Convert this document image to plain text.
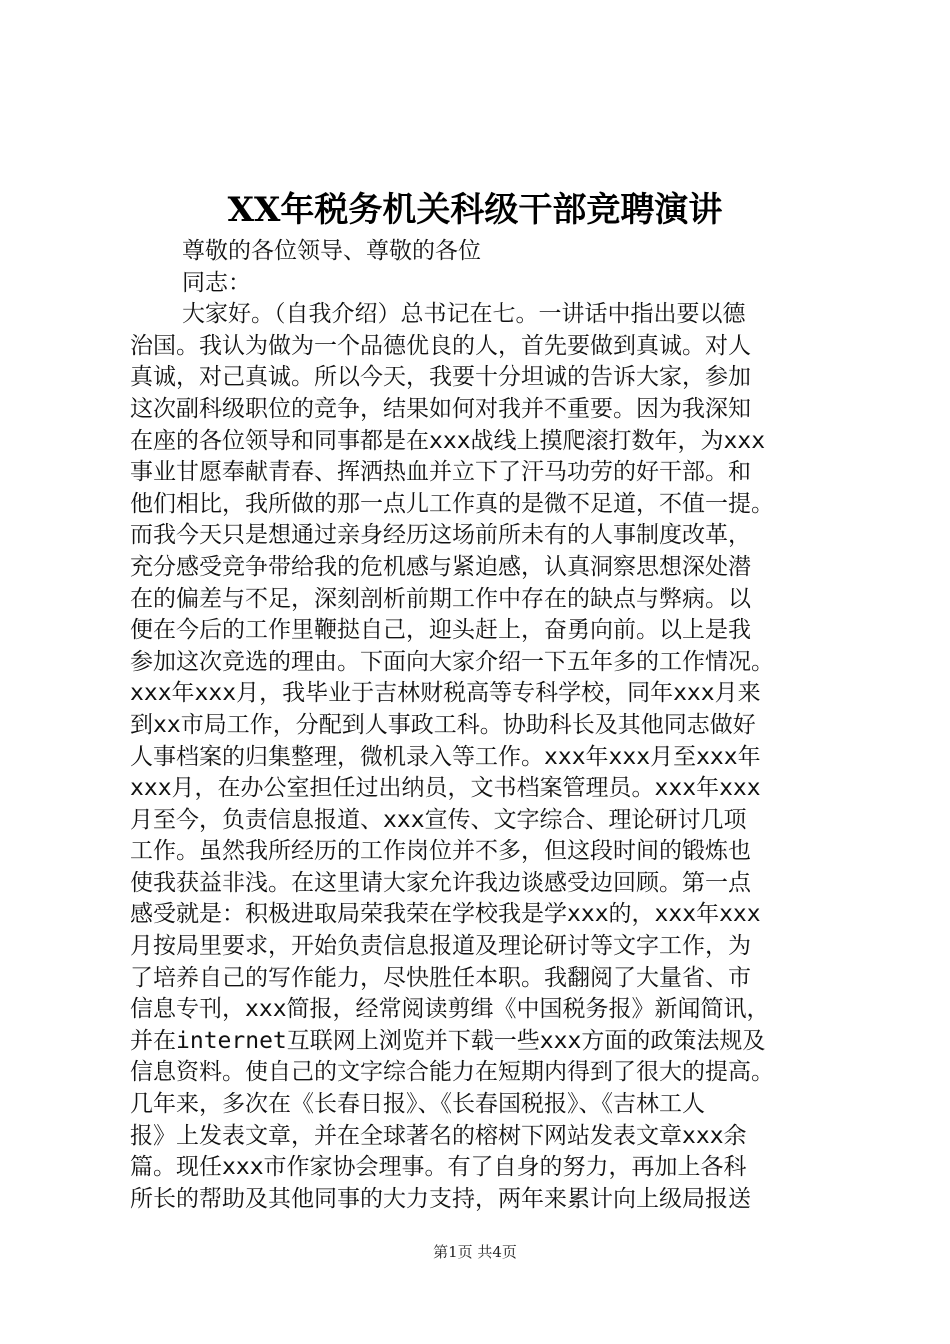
XX年税务机关科级干部竞聘演讲
尊敬的各位领导、尊敬的各位
同志：
大家好。（自我介绍）总书记在七。一讲话中指出要以德
治国。我认为做为一个品德优良的人，首先要做到真诚。对人
真诚，对己真诚。所以今天，我要十分坦诚的告诉大家，参加
这次副科级职位的竞争，结果如何对我并不重要。因为我深知
在座的各位领导和同事都是在xxx战线上摸爬滚打数年，为xxx
事业甘愿奉献青春、挥洒热血并立下了汗马功劳的好干部。和
他们相比，我所做的那一点儿工作真的是微不足道，不值一提。
而我今天只是想通过亲身经历这场前所未有的人事制度改革，
充分感受竞争带给我的危机感与紧迫感，认真洞察思想深处潜
在的偏差与不足，深刻剖析前期工作中存在的缺点与弊病。以
便在今后的工作里鞭挞自己，迎头赶上，奋勇向前。以上是我
参加这次竞选的理由。下面向大家介绍一下五年多的工作情况。
xxx年xxx月，我毕业于吉林财税高等专科学校，同年xxx月来
到xx市局工作，分配到人事政工科。协助科长及其他同志做好
人事档案的归集整理，微机录入等工作。xxx年xxx月至xxx年
xxx月，在办公室担任过出纳员，文书档案管理员。xxx年xxx
月至今，负责信息报道、xxx宣传、文字综合、理论研讨几项
工作。虽然我所经历的工作岗位并不多，但这段时间的锻炼也
使我获益非浅。在这里请大家允许我边谈感受边回顾。第一点
感受就是：积极进取局荣我荣在学校我是学xxx的，xxx年xxx
月按局里要求，开始负责信息报道及理论研讨等文字工作，为
了培养自己的写作能力，尽快胜任本职。我翻阅了大量省、市
信息专刊，xxx简报，经常阅读剪缉《中国税务报》新闻简讯，
并在internet互联网上浏览并下载一些xxx方面的政策法规及
信息资料。使自己的文字综合能力在短期内得到了很大的提高。
几年来，多次在《长春日报》、《长春国税报》、《吉林工人
报》上发表文章，并在全球著名的榕树下网站发表文章xxx余
篇。现任xxx市作家协会理事。有了自身的努力，再加上各科
所长的帮助及其他同事的大力支持，两年来累计向上级局报送
第1页 共4页
